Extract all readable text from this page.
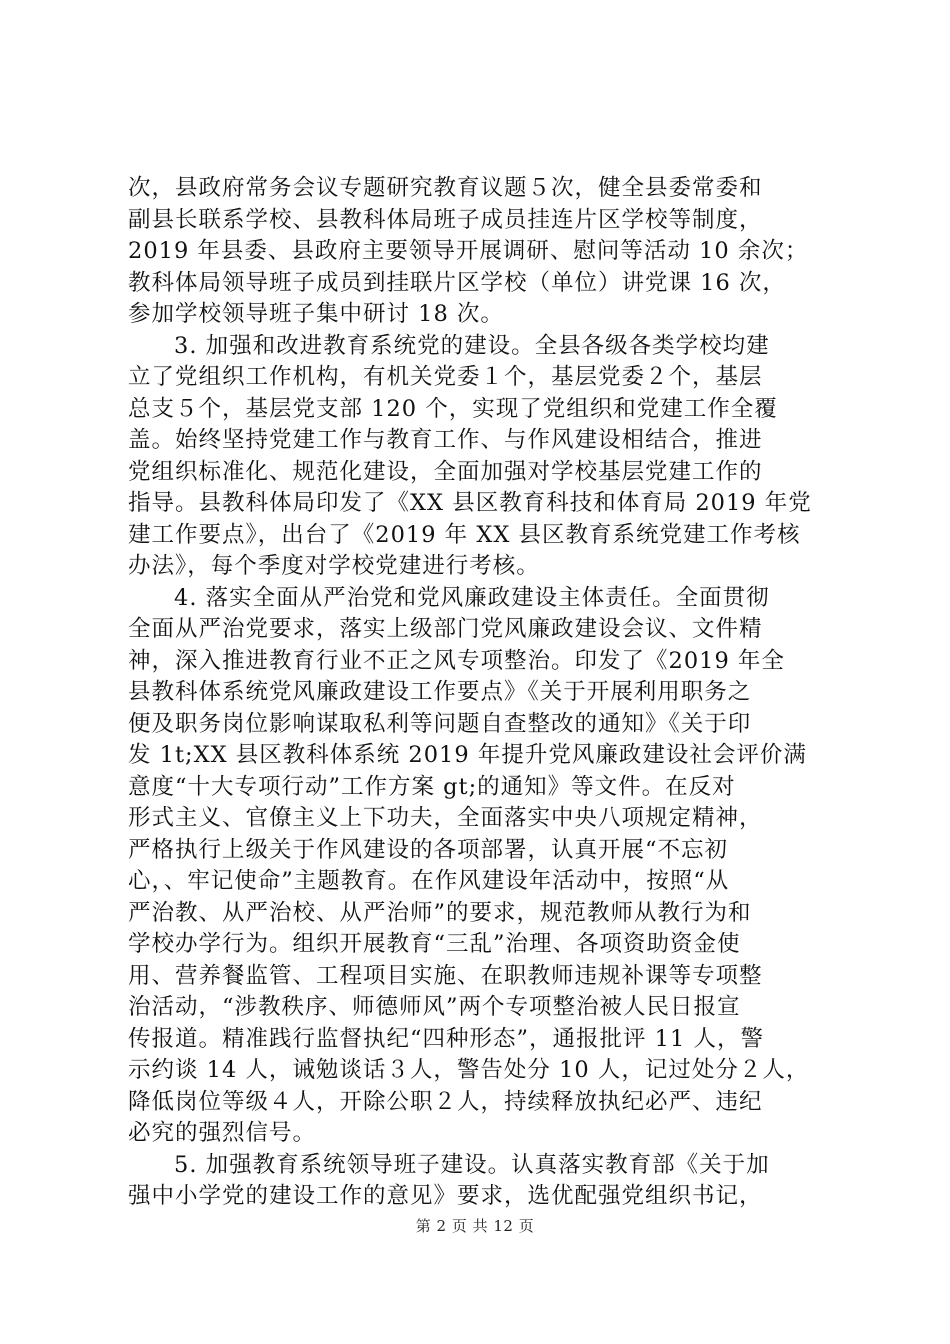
次，县政府常务会议专题研究教育议题５次，健全县委常委和
副县长联系学校、县教科体局班子成员挂连片区学校等制度，
2019 年县委、县政府主要领导开展调研、慰问等活动 10 余次；
教科体局领导班子成员到挂联片区学校（单位）讲党课 16 次，
参加学校领导班子集中研讨 18 次。
3. 加强和改进教育系统党的建设。全县各级各类学校均建
立了党组织工作机构，有机关党委１个，基层党委２个，基层
总支５个，基层党支部 120 个，实现了党组织和党建工作全覆
盖。始终坚持党建工作与教育工作、与作风建设相结合，推进
党组织标准化、规范化建设，全面加强对学校基层党建工作的
指导。县教科体局印发了《XX 县区教育科技和体育局 2019 年党
建工作要点》，出台了《2019 年 XX 县区教育系统党建工作考核
办法》，每个季度对学校党建进行考核。
4. 落实全面从严治党和党风廉政建设主体责任。全面贯彻
全面从严治党要求，落实上级部门党风廉政建设会议、文件精
神，深入推进教育行业不正之风专项整治。印发了《2019 年全
县教科体系统党风廉政建设工作要点》《关于开展利用职务之
便及职务岗位影响谋取私利等问题自查整改的通知》《关于印
发 1t;XX 县区教科体系统 2019 年提升党风廉政建设社会评价满
意度“十大专项行动”工作方案 gt;的通知》等文件。在反对
形式主义、官僚主义上下功夫，全面落实中央八项规定精神，
严格执行上级关于作风建设的各项部署，认真开展“不忘初
心，、牢记使命”主题教育。在作风建设年活动中，按照“从
严治教、从严治校、从严治师”的要求，规范教师从教行为和
学校办学行为。组织开展教育“三乱”治理、各项资助资金使
用、营养餐监管、工程项目实施、在职教师违规补课等专项整
治活动，“涉教秩序、师德师风”两个专项整治被人民日报宣
传报道。精准践行监督执纪“四种形态”，通报批评 11 人，警
示约谈 14 人，诫勉谈话３人，警告处分 10 人，记过处分２人，
降低岗位等级４人，开除公职２人，持续释放执纪必严、违纪
必究的强烈信号。
5. 加强教育系统领导班子建设。认真落实教育部《关于加
强中小学党的建设工作的意见》要求，选优配强党组织书记，
第 2 页 共 12 页
